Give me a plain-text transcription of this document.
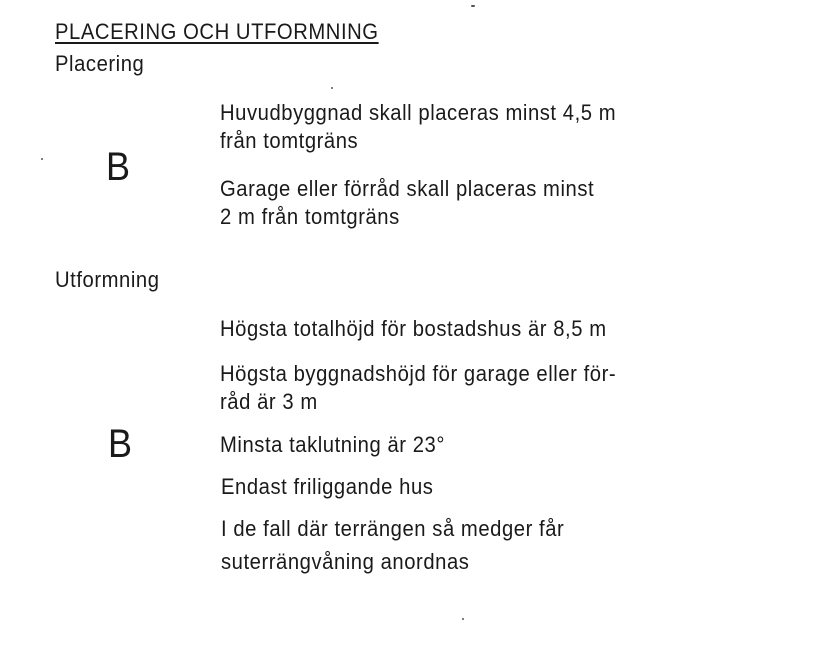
PLACERING OCH UTFORMNING
Placering
B
Huvudbyggnad skall placeras minst 4,5 m
från tomtgräns
Garage eller förråd skall placeras minst
2 m från tomtgräns
Utformning
B
Högsta totalhöjd för bostadshus är 8,5 m
Högsta byggnadshöjd för garage eller för-
råd är 3 m
Minsta taklutning är 23°
Endast friliggande hus
I de fall där terrängen så medger får
suterrängvåning anordnas
